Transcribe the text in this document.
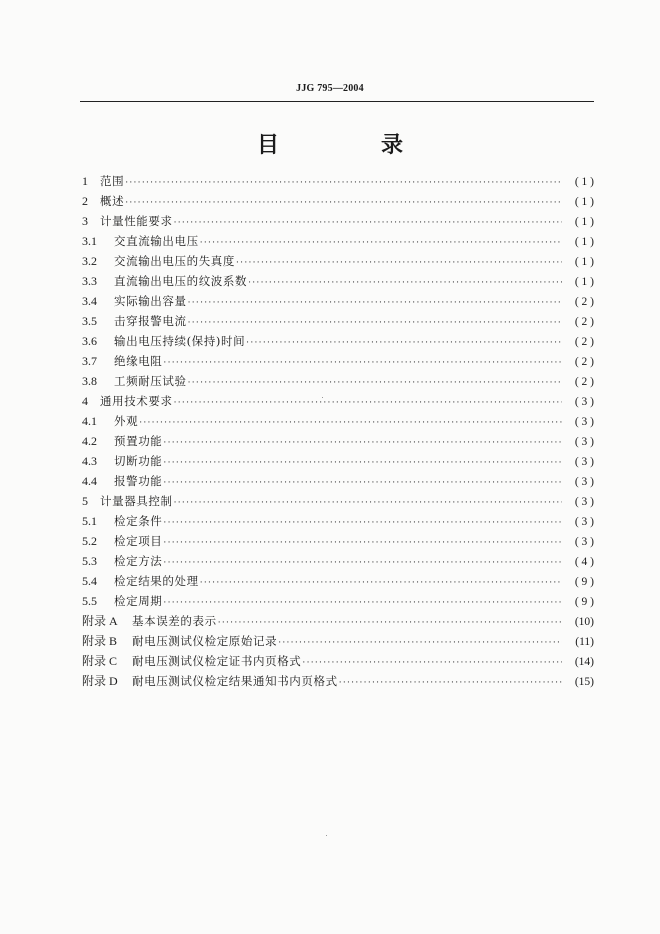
JJG 795—2004
目　录
1	范围 ·····	( 1 )
2	概述 ·····	( 1 )
3	计量性能要求 ·····	( 1 )
3.1	交直流输出电压 ·····	( 1 )
3.2	交流输出电压的失真度 ·····	( 1 )
3.3	直流输出电压的纹波系数 ·····	( 1 )
3.4	实际输出容量 ·····	( 2 )
3.5	击穿报警电流 ·····	( 2 )
3.6	输出电压持续(保持)时间 ·····	( 2 )
3.7	绝缘电阻 ·····	( 2 )
3.8	工频耐压试验 ·····	( 2 )
4	通用技术要求 ·····	( 3 )
4.1	外观 ·····	( 3 )
4.2	预置功能 ·····	( 3 )
4.3	切断功能 ·····	( 3 )
4.4	报警功能 ·····	( 3 )
5	计量器具控制 ·····	( 3 )
5.1	检定条件 ·····	( 3 )
5.2	检定项目 ·····	( 3 )
5.3	检定方法 ·····	( 4 )
5.4	检定结果的处理 ·····	( 9 )
5.5	检定周期 ·····	( 9 )
附录 A	基本误差的表示 ·····	(10)
附录 B	耐电压测试仪检定原始记录 ·····	(11)
附录 C	耐电压测试仪检定证书内页格式 ·····	(14)
附录 D	耐电压测试仪检定结果通知书内页格式 ·····	(15)
